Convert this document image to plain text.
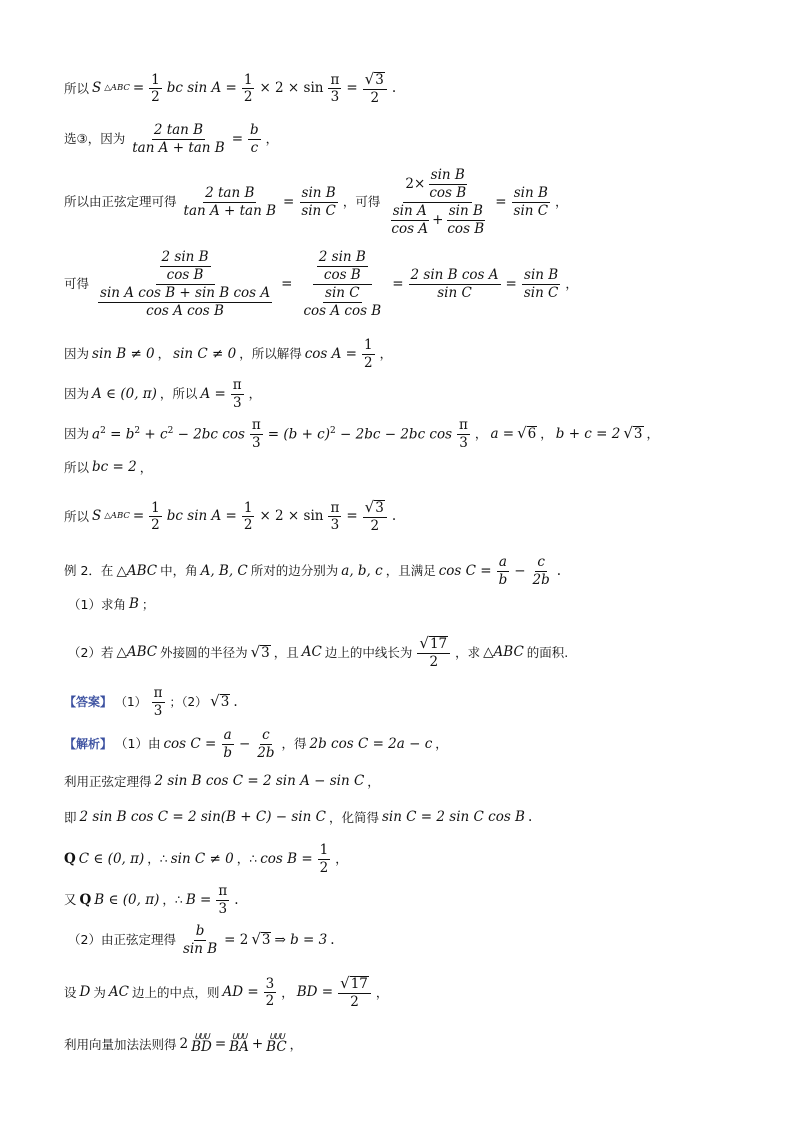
所以 S △ABC = $\frac{1}{2}$ bc $\sin A = \frac{1}{2} \times 2 \times \sin \frac{\pi}{3} = \frac{√ 3}{2}$ .
选③，因为 $\frac{\text{2 tan B}}{\text{tan A + tan B}} = \frac{b}{c}$ ，
所以由正弦定理可得 $\frac{\text{2 tan B}}{\text{tan A + tan B}} = \frac{\text{sin B}}{\text{sin C}}$ ，可得 $\frac{2\times \frac{\text{sin B}}{\text{cos B}}}{\frac{\text{sin A}}{\text{cos A}} + \frac{\text{sin B}}{\text{cos B}}} = \frac{\text{sin B}}{\text{sin C}}$ ，
可得 $\frac{\frac{\text{2 sin B}}{\text{cos B}}}{\frac{\text{sin A cos B + sin B cos A}}{\text{cos A cos B}}} = \frac{\frac{\text{2 sin B}}{\text{cos B}}}{\frac{\text{sin C}}{\text{cos A cos B}}} = \frac{\text{2 sin B cos A}}{\text{sin C}} = \frac{\text{sin B}}{\text{sin C}}$ ，
因为 sin B ≠ 0 ， sin C ≠ 0 ，所以解得 $\cos A = \frac{1}{2}$ ，
因为 A ∈ (0, π) ，所以 $A = \frac{\pi}{3}$ ，
因为 $a^2 = b^2 + c^2 - 2bc$ $\cos \frac{\pi}{3} = (b + c)^2 - 2bc - 2bc$ $\cos \frac{\pi}{3}$ ， a = √ 6 ， b + c = 2 √ 3 ，
所以 bc = 2 ，
所以 S △ABC = $\frac{1}{2}$ bc $\sin A = \frac{1}{2} \times 2 \times \sin \frac{\pi}{3} = \frac{√ 3}{2}$ .
例 2．在 △ABC 中，角 A, B, C 所对的边分别为 a, b, c ，且满足 $\cos C = \frac{a}{b} - \frac{c}{2b}$ .
（1）求角 B ；
（2）若 △ABC 外接圆的半径为 √ 3 ，且 AC 边上的中线长为 $\frac{√ 17}{2}$ ，求 △ABC 的面积.
【答案】 $(1) \frac{\pi}{3}$ ；（2） √ 3 .
【解析】 （1）由 $\cos C = \frac{a}{b} - \frac{c}{2b}$ ，得 2b cos C = 2a − c ，
利用正弦定理得 2 sin B cos C = 2 sin A − sin C ，
即 2 sin B cos C = 2 sin(B + C) − sin C ，化简得 sin C = 2 sin C cos B .
Q C ∈ (0, π) ，∴ sin C ≠ 0 ，∴ $\cos B = \frac{1}{2}$ ，
又 Q B ∈ (0, π) ，∴ $B = \frac{\pi}{3}$ .
（2）由正弦定理得 $\frac{b}{\text{sin B}} = 2$ √ 3 ⇒ b = 3 .
设 D 为 AC 边上的中点，则 AD = $\frac{3}{2}$ ， BD = $\frac{√ 17}{2}$ ，
利用向量加法法则得 2 ᑌᑌᑌ
BD = ᑌᑌᑌ
BA + ᑌᑌᑌ
BC ，
